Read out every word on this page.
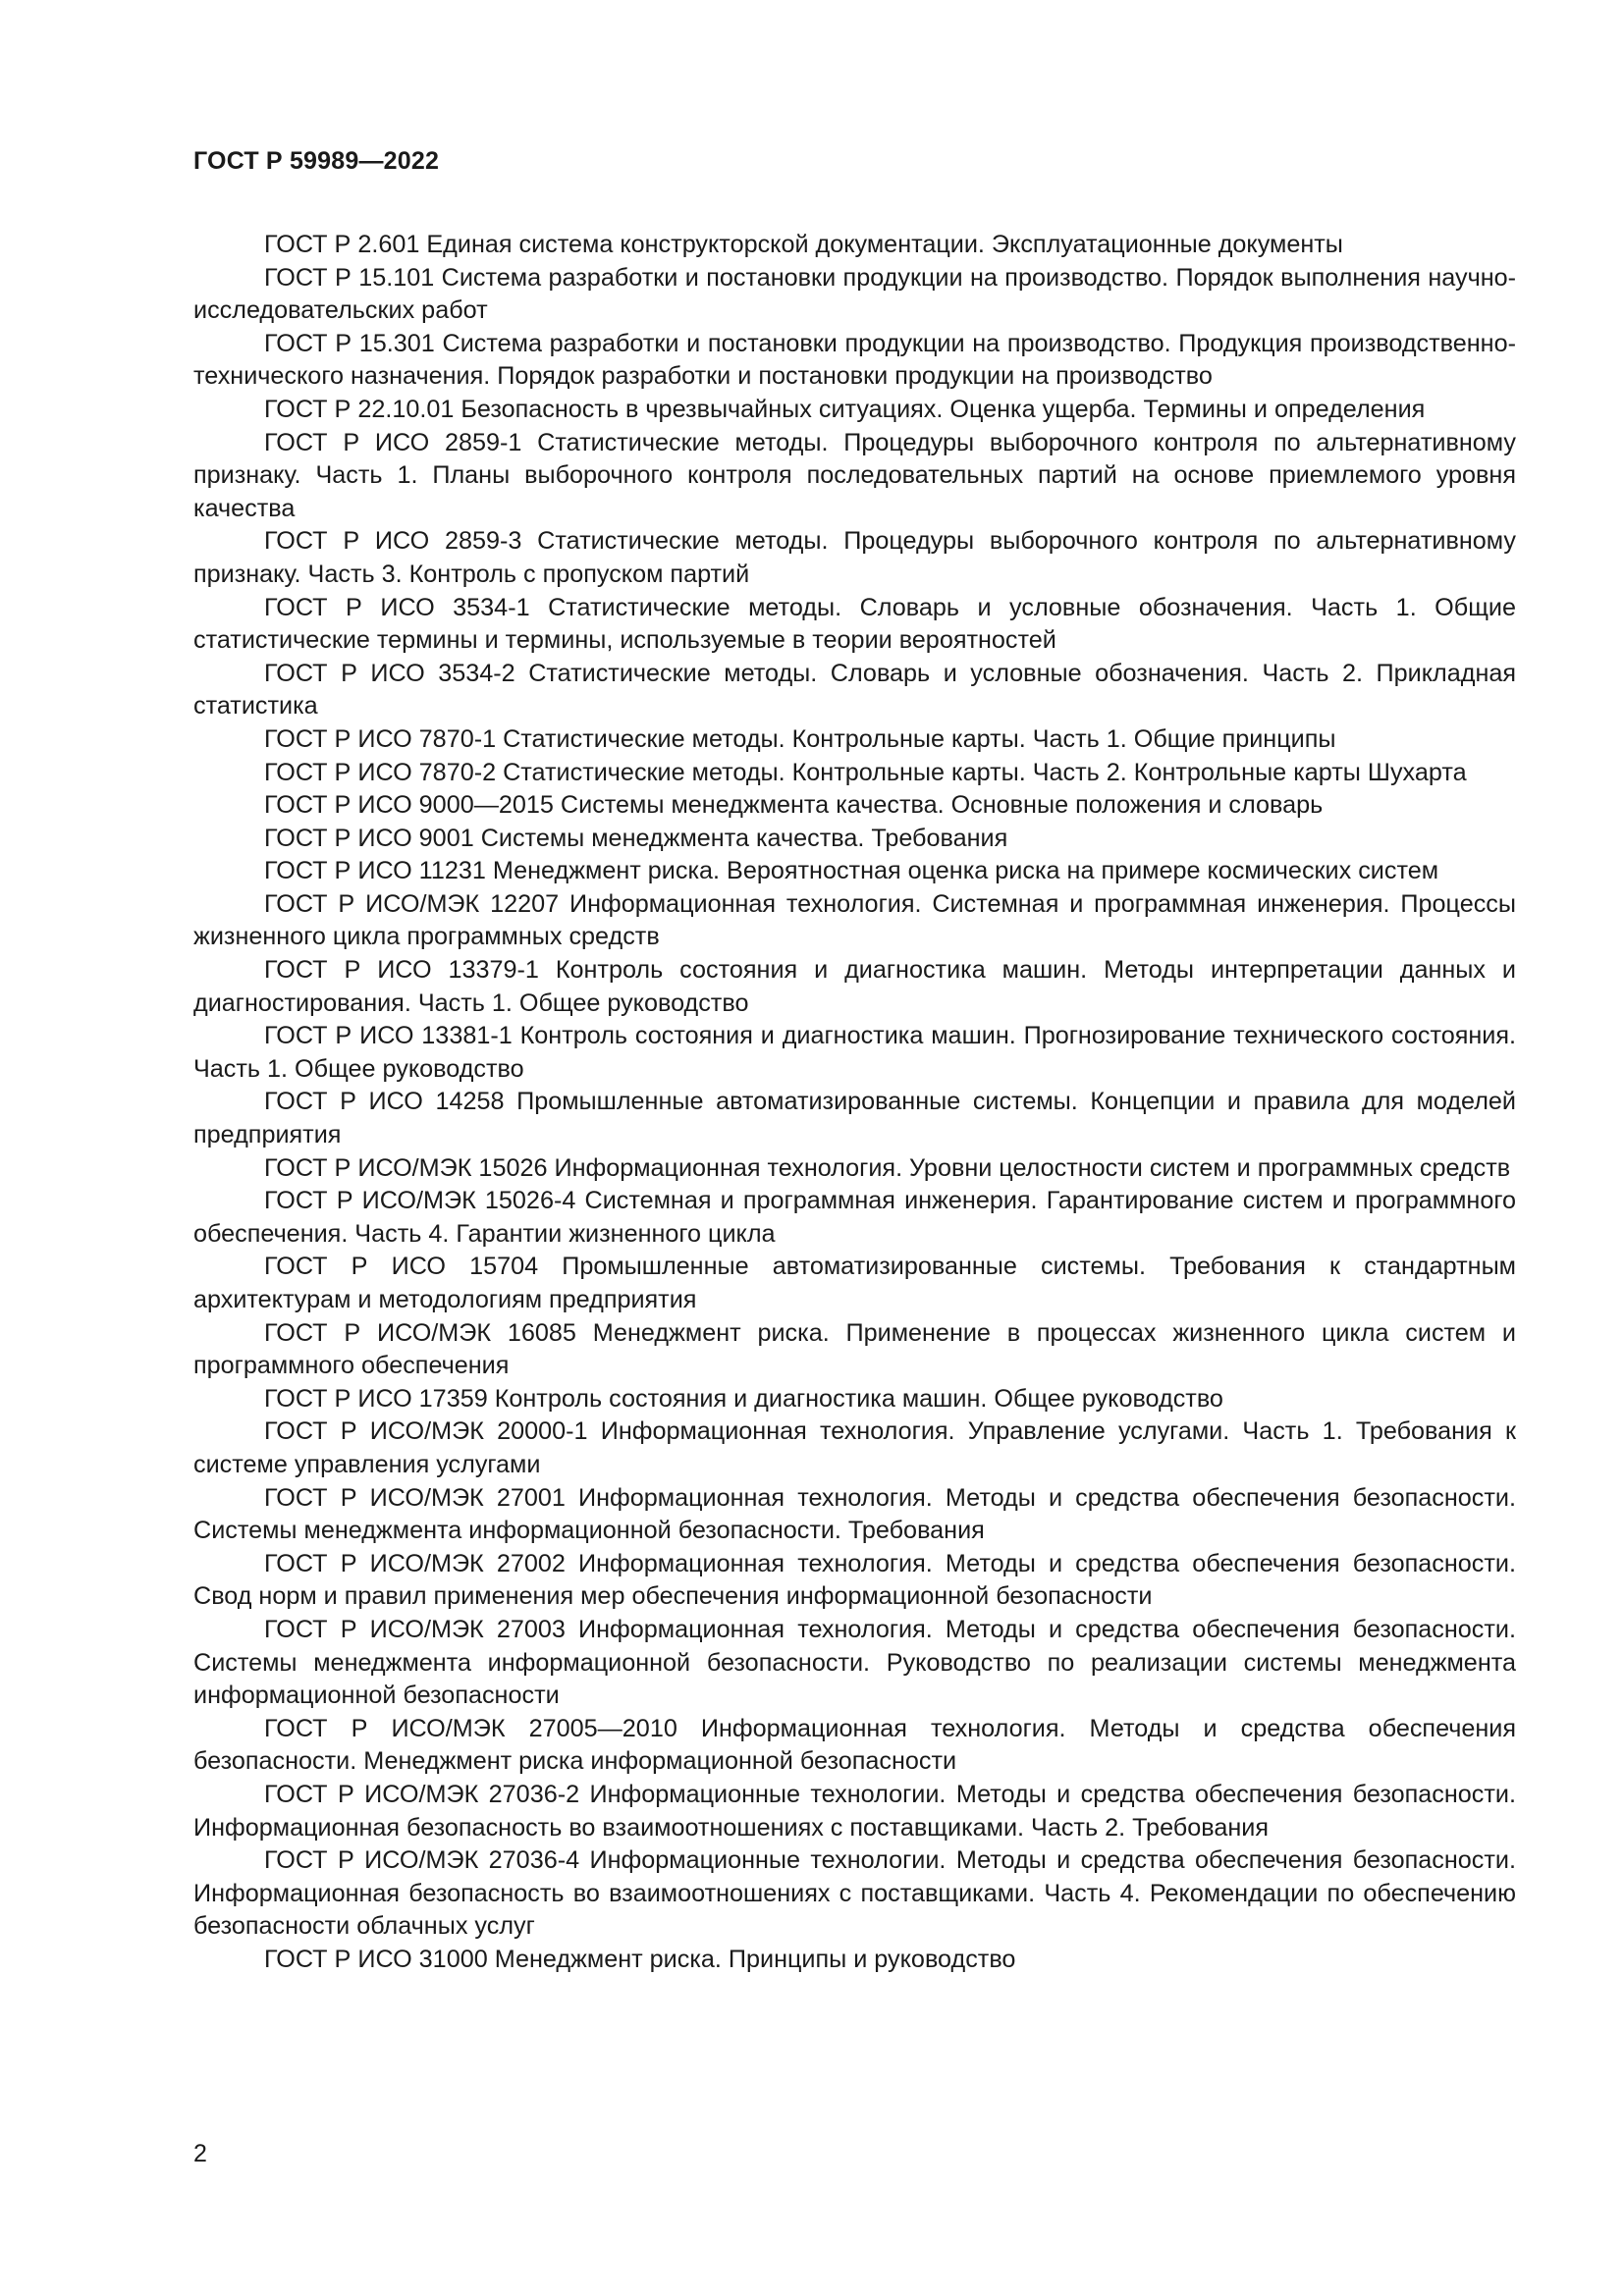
ГОСТ Р 59989—2022
ГОСТ Р 2.601 Единая система конструкторской документации. Эксплуатационные документы
ГОСТ Р 15.101 Система разработки и постановки продукции на производство. Порядок выполнения научно-исследовательских работ
ГОСТ Р 15.301 Система разработки и постановки продукции на производство. Продукция производственно-технического назначения. Порядок разработки и постановки продукции на производство
ГОСТ Р 22.10.01 Безопасность в чрезвычайных ситуациях. Оценка ущерба. Термины и определения
ГОСТ Р ИСО 2859-1 Статистические методы. Процедуры выборочного контроля по альтернативному признаку. Часть 1. Планы выборочного контроля последовательных партий на основе приемлемого уровня качества
ГОСТ Р ИСО 2859-3 Статистические методы. Процедуры выборочного контроля по альтернативному признаку. Часть 3. Контроль с пропуском партий
ГОСТ Р ИСО 3534-1 Статистические методы. Словарь и условные обозначения. Часть 1. Общие статистические термины и термины, используемые в теории вероятностей
ГОСТ Р ИСО 3534-2 Статистические методы. Словарь и условные обозначения. Часть 2. Прикладная статистика
ГОСТ Р ИСО 7870-1 Статистические методы. Контрольные карты. Часть 1. Общие принципы
ГОСТ Р ИСО 7870-2 Статистические методы. Контрольные карты. Часть 2. Контрольные карты Шухарта
ГОСТ Р ИСО 9000—2015 Системы менеджмента качества. Основные положения и словарь
ГОСТ Р ИСО 9001 Системы менеджмента качества. Требования
ГОСТ Р ИСО 11231 Менеджмент риска. Вероятностная оценка риска на примере космических систем
ГОСТ Р ИСО/МЭК 12207 Информационная технология. Системная и программная инженерия. Процессы жизненного цикла программных средств
ГОСТ Р ИСО 13379-1 Контроль состояния и диагностика машин. Методы интерпретации данных и диагностирования. Часть 1. Общее руководство
ГОСТ Р ИСО 13381-1 Контроль состояния и диагностика машин. Прогнозирование технического состояния. Часть 1. Общее руководство
ГОСТ Р ИСО 14258 Промышленные автоматизированные системы. Концепции и правила для моделей предприятия
ГОСТ Р ИСО/МЭК 15026 Информационная технология. Уровни целостности систем и программных средств
ГОСТ Р ИСО/МЭК 15026-4 Системная и программная инженерия. Гарантирование систем и программного обеспечения. Часть 4. Гарантии жизненного цикла
ГОСТ Р ИСО 15704 Промышленные автоматизированные системы. Требования к стандартным архитектурам и методологиям предприятия
ГОСТ Р ИСО/МЭК 16085 Менеджмент риска. Применение в процессах жизненного цикла систем и программного обеспечения
ГОСТ Р ИСО 17359 Контроль состояния и диагностика машин. Общее руководство
ГОСТ Р ИСО/МЭК 20000-1 Информационная технология. Управление услугами. Часть 1. Требования к системе управления услугами
ГОСТ Р ИСО/МЭК 27001 Информационная технология. Методы и средства обеспечения безопасности. Системы менеджмента информационной безопасности. Требования
ГОСТ Р ИСО/МЭК 27002 Информационная технология. Методы и средства обеспечения безопасности. Свод норм и правил применения мер обеспечения информационной безопасности
ГОСТ Р ИСО/МЭК 27003 Информационная технология. Методы и средства обеспечения безопасности. Системы менеджмента информационной безопасности. Руководство по реализации системы менеджмента информационной безопасности
ГОСТ Р ИСО/МЭК 27005—2010 Информационная технология. Методы и средства обеспечения безопасности. Менеджмент риска информационной безопасности
ГОСТ Р ИСО/МЭК 27036-2 Информационные технологии. Методы и средства обеспечения безопасности. Информационная безопасность во взаимоотношениях с поставщиками. Часть 2. Требования
ГОСТ Р ИСО/МЭК 27036-4 Информационные технологии. Методы и средства обеспечения безопасности. Информационная безопасность во взаимоотношениях с поставщиками. Часть 4. Рекомендации по обеспечению безопасности облачных услуг
ГОСТ Р ИСО 31000 Менеджмент риска. Принципы и руководство
2
